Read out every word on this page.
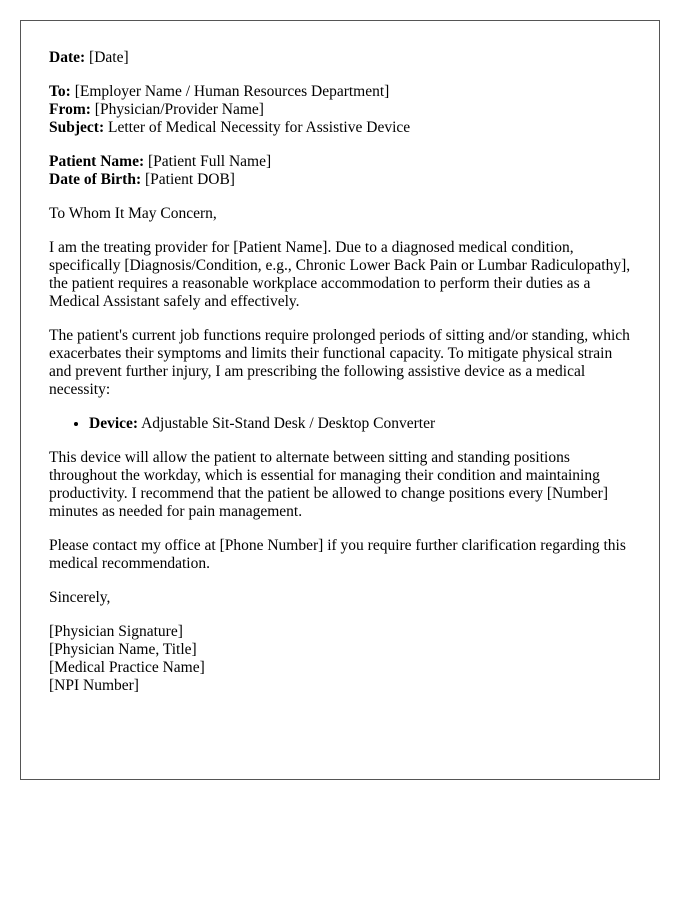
Date: [Date]
To: [Employer Name / Human Resources Department]
From: [Physician/Provider Name]
Subject: Letter of Medical Necessity for Assistive Device
Patient Name: [Patient Full Name]
Date of Birth: [Patient DOB]

To Whom It May Concern,

I am the treating provider for [Patient Name]. Due to a diagnosed medical condition, specifically [Diagnosis/Condition, e.g., Chronic Lower Back Pain or Lumbar Radiculopathy], the patient requires a reasonable workplace accommodation to perform their duties as a Medical Assistant safely and effectively.

The patient's current job functions require prolonged periods of sitting and/or standing, which exacerbates their symptoms and limits their functional capacity. To mitigate physical strain and prevent further injury, I am prescribing the following assistive device as a medical necessity:

• Device: Adjustable Sit-Stand Desk / Desktop Converter

This device will allow the patient to alternate between sitting and standing positions throughout the workday, which is essential for managing their condition and maintaining productivity. I recommend that the patient be allowed to change positions every [Number] minutes as needed for pain management.

Please contact my office at [Phone Number] if you require further clarification regarding this medical recommendation.

Sincerely,

[Physician Signature]
[Physician Name, Title]
[Medical Practice Name]
[NPI Number]
